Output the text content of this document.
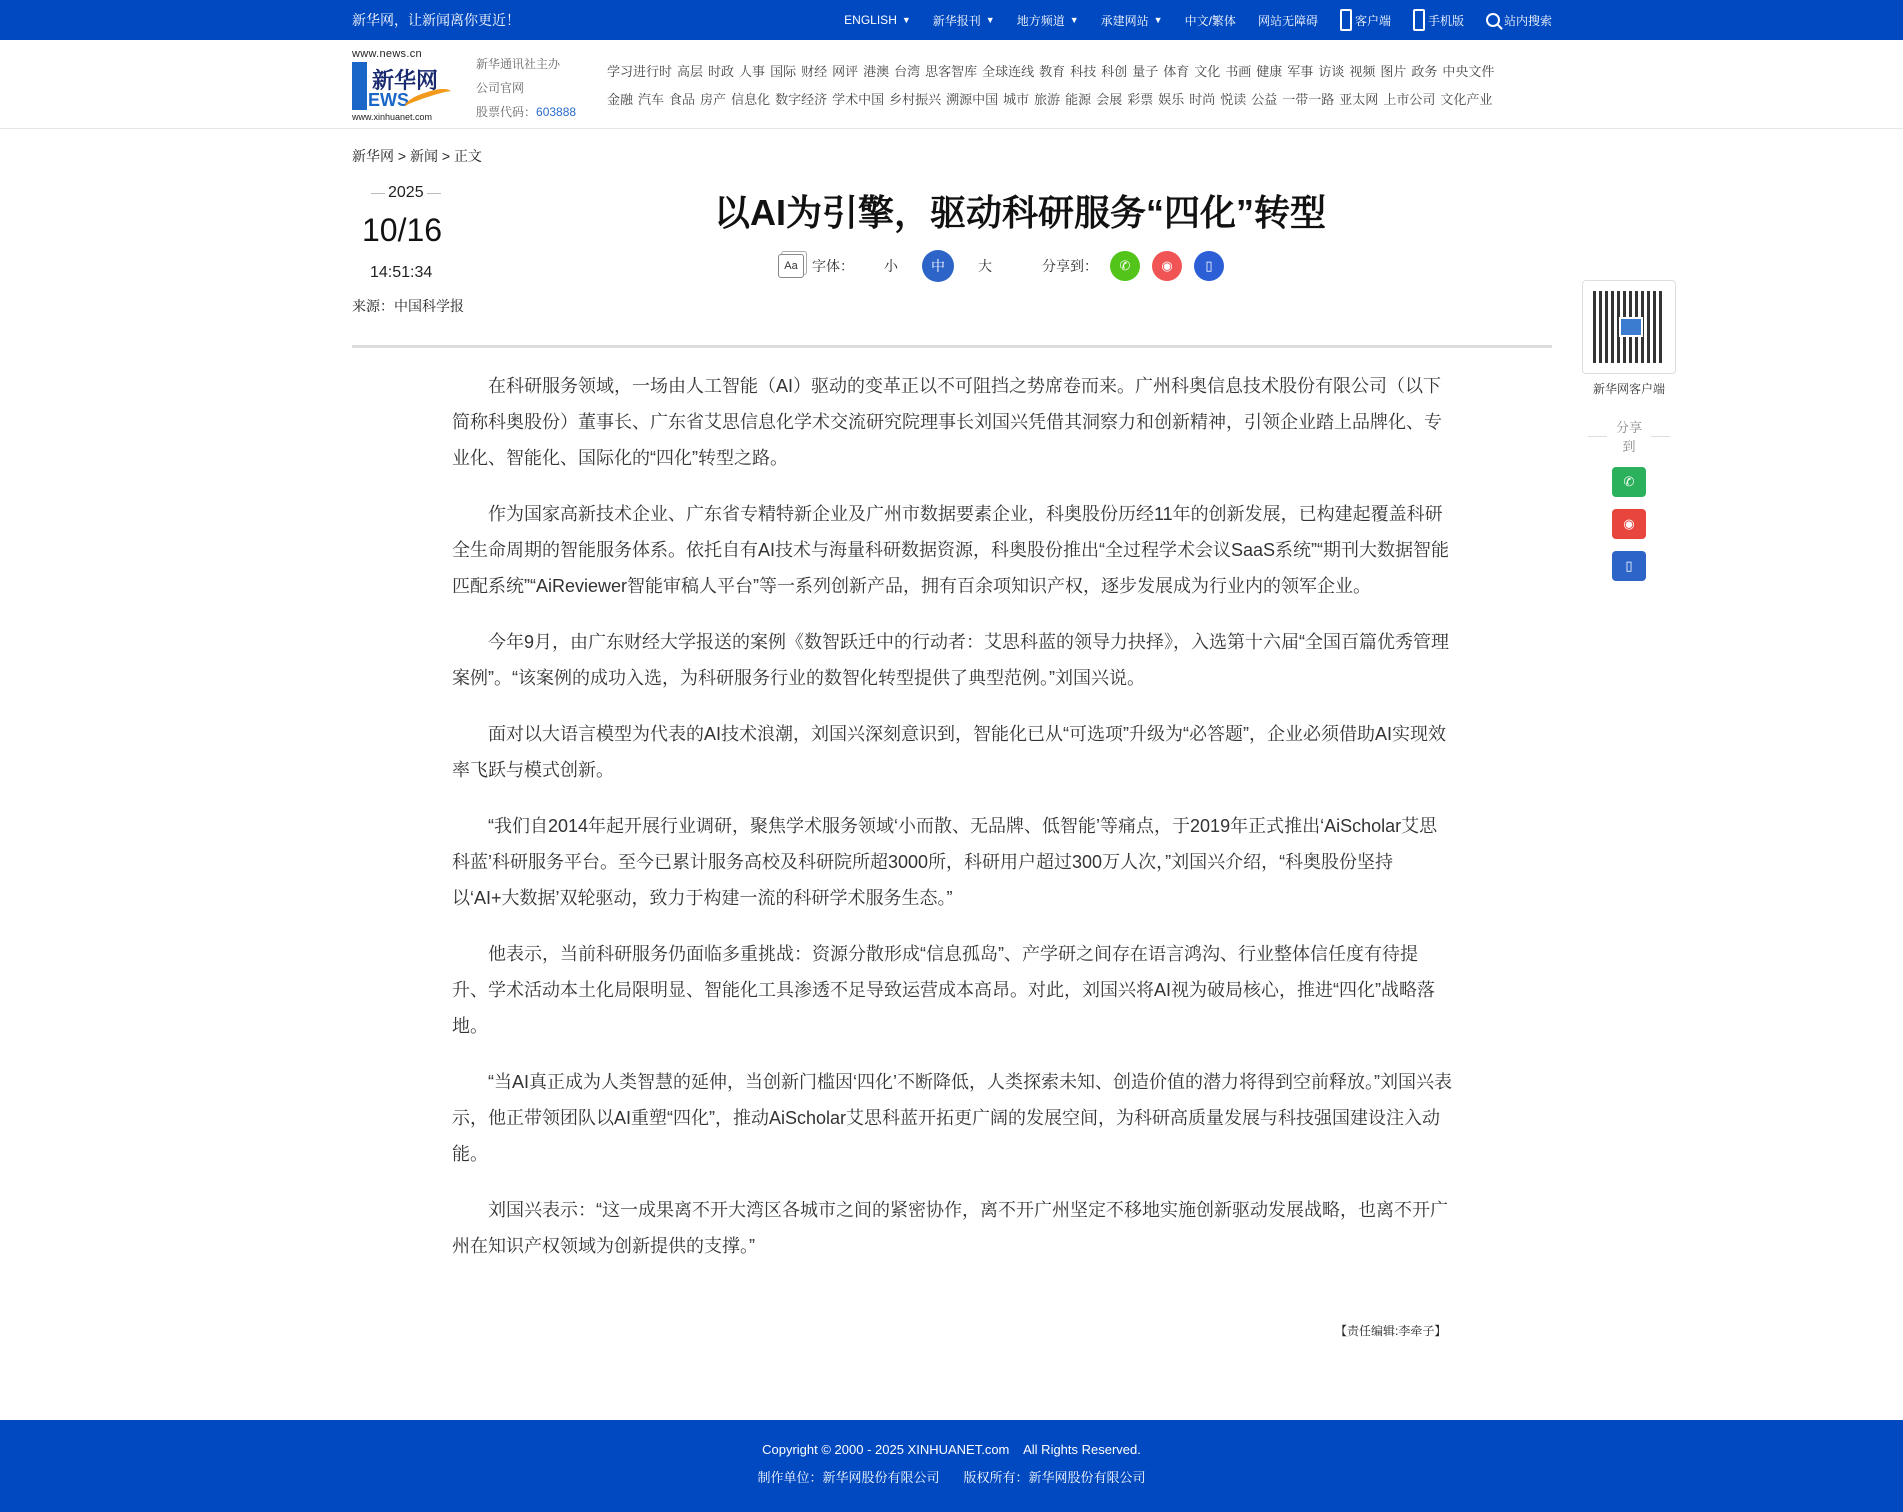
新华网，让新闻离你更近！	ENGLISH ▼ 新华报刊 ▼ 地方频道 ▼ 承建网站 ▼ 中文/繁体 网站无障碍	客户端	手机版	站内搜索
www.news.cn
新华网
EWS
www.xinhuanet.com
新华通讯社主办
公司官网
股票代码：603888
学习进行时 高层 时政 人事 国际 财经 网评 港澳 台湾 思客智库 全球连线 教育 科技 科创 量子 体育 文化 书画 健康 军事 访谈 视频 图片 政务 中央文件
金融 汽车 食品 房产 信息化 数字经济 学术中国 乡村振兴 溯源中国 城市 旅游 能源 会展 彩票 娱乐 时尚 悦读 公益 一带一路 亚太网 上市公司 文化产业
新华网 > 新闻 > 正文
2025
10/16
14:51:34
来源：中国科学报
以AI为引擎，驱动科研服务“四化”转型
Aa	字体： 小	中	大	分享到：	✆	◉	▯

在科研服务领域，一场由人工智能（AI）驱动的变革正以不可阻挡之势席卷而来。广州科奥信息技术股份有限公司（以下简称科奥股份）董事长、广东省艾思信息化学术交流研究院理事长刘国兴凭借其洞察力和创新精神，引领企业踏上品牌化、专业化、智能化、国际化的“四化”转型之路。

作为国家高新技术企业、广东省专精特新企业及广州市数据要素企业，科奥股份历经11年的创新发展，已构建起覆盖科研全生命周期的智能服务体系。依托自有AI技术与海量科研数据资源，科奥股份推出“全过程学术会议SaaS系统”“期刊大数据智能匹配系统”“AiReviewer智能审稿人平台”等一系列创新产品，拥有百余项知识产权，逐步发展成为行业内的领军企业。

今年9月，由广东财经大学报送的案例《数智跃迁中的行动者：艾思科蓝的领导力抉择》，入选第十六届“全国百篇优秀管理案例”。“该案例的成功入选，为科研服务行业的数智化转型提供了典型范例。”刘国兴说。

面对以大语言模型为代表的AI技术浪潮，刘国兴深刻意识到，智能化已从“可选项”升级为“必答题”，企业必须借助AI实现效率飞跃与模式创新。

“我们自2014年起开展行业调研，聚焦学术服务领域‘小而散、无品牌、低智能’等痛点，于2019年正式推出‘AiScholar艾思科蓝’科研服务平台。至今已累计服务高校及科研院所超3000所，科研用户超过300万人次，”刘国兴介绍，“科奥股份坚持以‘AI+大数据’双轮驱动，致力于构建一流的科研学术服务生态。”

他表示，当前科研服务仍面临多重挑战：资源分散形成“信息孤岛”、产学研之间存在语言鸿沟、行业整体信任度有待提升、学术活动本土化局限明显、智能化工具渗透不足导致运营成本高昂。对此，刘国兴将AI视为破局核心，推进“四化”战略落地。

“当AI真正成为人类智慧的延伸，当创新门槛因‘四化’不断降低，人类探索未知、创造价值的潜力将得到空前释放。”刘国兴表示，他正带领团队以AI重塑“四化”，推动AiScholar艾思科蓝开拓更广阔的发展空间，为科研高质量发展与科技强国建设注入动能。

刘国兴表示：“这一成果离不开大湾区各城市之间的紧密协作，离不开广州坚定不移地实施创新驱动发展战略，也离不开广州在知识产权领域为创新提供的支撑。”

【责任编辑:李牵子】
新华网客户端
分享到
✆
◉
▯
Copyright © 2000 - 2025 XINHUANET.com    All Rights Reserved.
制作单位：新华网股份有限公司 版权所有：新华网股份有限公司
